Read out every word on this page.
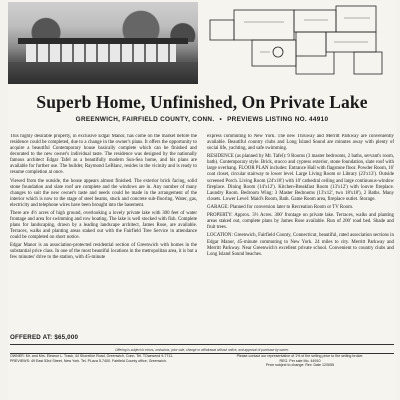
Superb Home, Unfinished, On Private Lake
GREENWICH, FAIRFIELD COUNTY, CONN. • PREVIEWS LISTING NO. 44910

This highly desirable property, in exclusive Edgar Manor, has come on the market before the residence could be completed, due to a change in the owner's plans. It offers the opportunity to acquire a beautiful Contemporary house basically complete which can be finished and decorated to the new owner's individual taste. The residence was designed by the nationally famous architect Edgar Tafel as a beautifully modern Sun-Sea home, and his plans are available for further use. The builder, Raymond LeBlanc, resides in the vicinity and is ready to resume completion at once.

Viewed from the outside, the house appears almost finished. The exterior brick facing, solid stone foundation and slate roof are complete and the windows are in. Any number of many changes to suit the new owner's taste and needs could be made in the arrangement of the interior which is now to the stage of steel beams, stuck and concrete sub-flooring. Water, gas, electricity and telephone wires have been brought into the basement.

There are 4½ acres of high ground, overlooking a lovely private lake with 300 feet of water frontage and area for swimming and row boating. The lake is well stocked with fish. Complete plans for landscaping, drawn by a leading landscape architect, James Rose, are available. Terraces, walks and planting areas staked out with the Fairfield Tree Service in attendance could be completed on short notice.

Edgar Manor is an association-protected residential section of Greenwich with homes in the substantial price class. In one of the most beautiful locations in the metropolitan area, it is but a few minutes' drive to the station, with 45-minute

express commuting to New York. The new Thruway and Merritt Parkway are conveniently available. Beautiful country clubs and Long Island Sound are minutes away with plenty of social life, yachting, and safe swimming.

RESIDENCE (as planned by Mr. Tafel): 9 Rooms (3 master bedrooms, 2 baths, servant's room, bath). Contemporary style. Brick, stucco and cypress exterior, stone foundation, slate roof with large overhang. FLOOR PLAN includes: Entrance Hall with flagstone floor. Powder Room, 16' coat closet, circular stairway to lower level. Large Living Room or Library (23'x13'). Outside screened Porch. Living Room (24'x18') with 10' cathedral ceiling and large continuous-window fireplace. Dining Room (14'x12'). Kitchen-Breakfast Room (13'x12') with louvre fireplace. Laundry Room. Bedroom Wing: 3 Master Bedrooms (13'x12', two 18'x18'), 2 Baths. Many closets. Lower Level: Maid's Room, Bath. Game Room area, fireplace outlet. Storage.

GARAGE: Planned for conversion later to Recreation Room or TV Room.

PROPERTY: Approx. 3½ Acres. 300' frontage on private lake. Terraces, walks and planting areas staked out, complete plans by James Rose available. Run of 200' road bed. Shade and fruit trees.

LOCATION: Greenwich, Fairfield County, Connecticut, beautiful, rated association sections in Edgar Manor, 45-minute commuting to New York. 24 miles to city. Merritt Parkway and Merritt Parkway. Near Greenwich's excellent private school. Convenient to country clubs and Long Island Sound beaches.

OFFERED AT: $65,000
Offering is subject to errors, omissions, prior sale, change or withdrawal without notice, and approval of purchase by owner.
OWNER: Mr. and Mrs. Eleanor L. Trask, 44 Shoreline Road, Greenwich, Conn. Tel. TOwnsend 9-7711.
PREVIEWS: 49 East 53rd Street, New York. Tel. PLaza 5-7400. Fairfield County office, Greenwich.
Please contact our representative of 1% of the selling price to the selling broker.
REG. Per sale Mo. 44910
Price subject to change: Rev. Date 12/5/55
